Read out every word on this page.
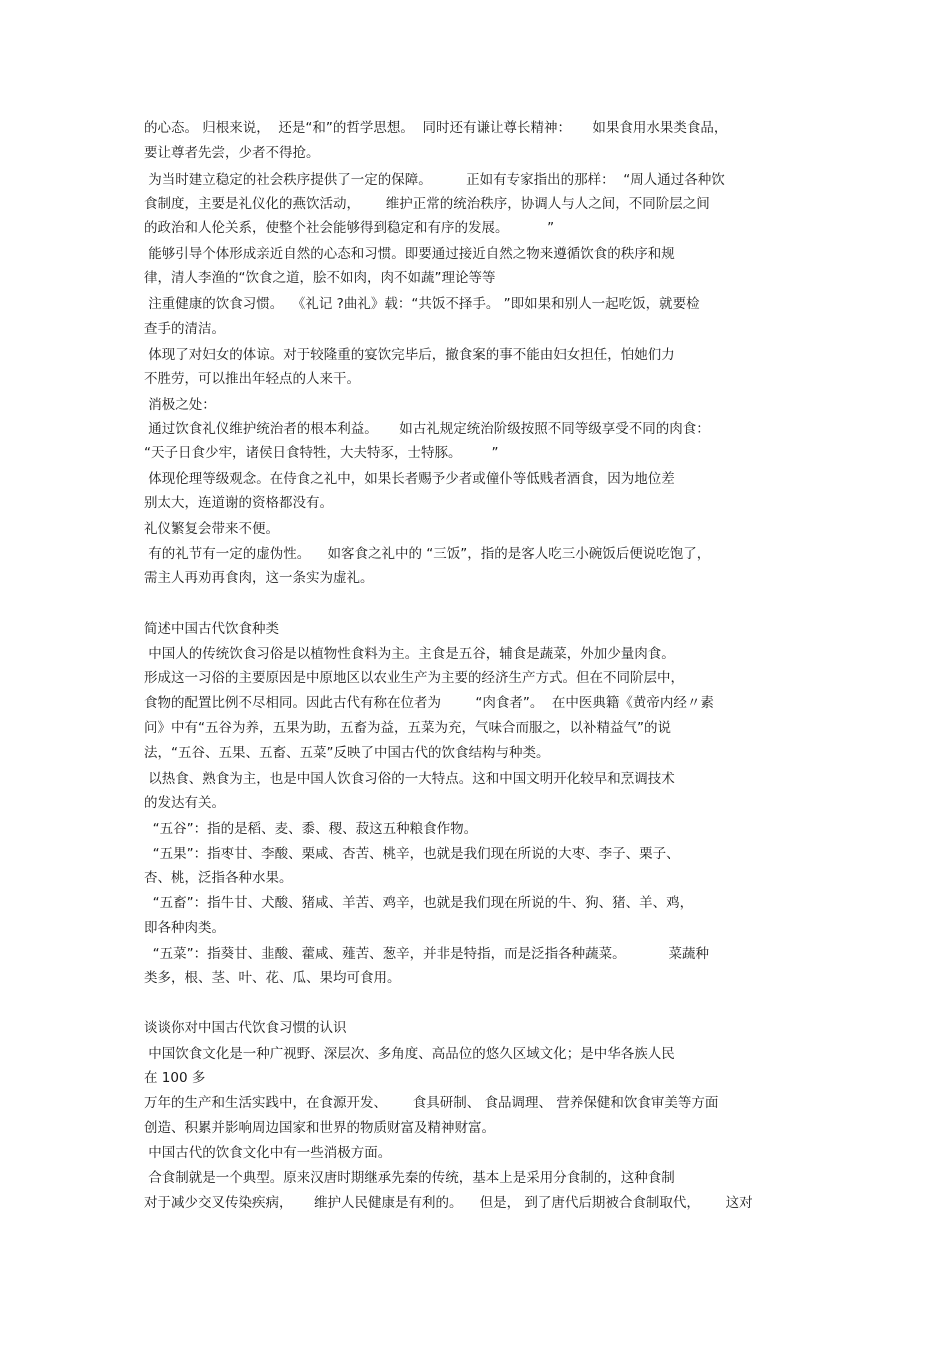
的心态。 归根来说，  还是“和”的哲学思想。  同时还有谦让尊长精神：     如果食用水果类食品，

要让尊者先尝，少者不得抢。

为当时建立稳定的社会秩序提供了一定的保障。        正如有专家指出的那样：  “周人通过各种饮

食制度，主要是礼仪化的燕饮活动，      维护正常的统治秩序，协调人与人之间，不同阶层之间

的政治和人伦关系，使整个社会能够得到稳定和有序的发展。         ”

能够引导个体形成亲近自然的心态和习惯。即要通过接近自然之物来遵循饮食的秩序和规

律，清人李渔的“饮食之道，脍不如肉，肉不如蔬”理论等等

注重健康的饮食习惯。  《礼记 ?曲礼》载：“共饭不择手。 ”即如果和别人一起吃饭，就要检

查手的清洁。

体现了对妇女的体谅。对于较隆重的宴饮完毕后，撤食案的事不能由妇女担任，怕她们力

不胜劳，可以推出年轻点的人来干。

消极之处：

通过饮食礼仪维护统治者的根本利益。     如古礼规定统治阶级按照不同等级享受不同的肉食：

“天子日食少牢，诸侯日食特牲，大夫特豕，士特豚。       ”

体现伦理等级观念。在侍食之礼中，如果长者赐予少者或僮仆等低贱者酒食，因为地位差

别太大，连道谢的资格都没有。

礼仪繁复会带来不便。

有的礼节有一定的虚伪性。    如客食之礼中的 “三饭”，指的是客人吃三小碗饭后便说吃饱了，

需主人再劝再食肉，这一条实为虚礼。

简述中国古代饮食种类

中国人的传统饮食习俗是以植物性食料为主。主食是五谷，辅食是蔬菜，外加少量肉食。

形成这一习俗的主要原因是中原地区以农业生产为主要的经济生产方式。但在不同阶层中，

食物的配置比例不尽相同。因此古代有称在位者为        “肉食者”。  在中医典籍《黄帝内经〃素

问》中有“五谷为养，五果为助，五畜为益，五菜为充，气味合而服之，以补精益气”的说

法，“五谷、五果、五畜、五菜”反映了中国古代的饮食结构与种类。

以热食、熟食为主，也是中国人饮食习俗的一大特点。这和中国文明开化较早和烹调技术

的发达有关。

“五谷”：指的是稻、麦、黍、稷、菽这五种粮食作物。

“五果”：指枣甘、李酸、栗咸、杏苦、桃辛，也就是我们现在所说的大枣、李子、栗子、

杏、桃，泛指各种水果。

“五畜”：指牛甘、犬酸、猪咸、羊苦、鸡辛，也就是我们现在所说的牛、狗、猪、羊、鸡，

即各种肉类。

“五菜”：指葵甘、韭酸、藿咸、薤苦、葱辛，并非是特指，而是泛指各种蔬菜。          菜蔬种

类多，根、茎、叶、花、瓜、果均可食用。

谈谈你对中国古代饮食习惯的认识

中国饮食文化是一种广视野、深层次、多角度、高品位的悠久区域文化；是中华各族人民

在 100 多

万年的生产和生活实践中，在食源开发、      食具研制、 食品调理、 营养保健和饮食审美等方面

创造、积累并影响周边国家和世界的物质财富及精神财富。

中国古代的饮食文化中有一些消极方面。

合食制就是一个典型。原来汉唐时期继承先秦的传统，基本上是采用分食制的，这种食制

对于减少交叉传染疾病，     维护人民健康是有利的。    但是， 到了唐代后期被合食制取代，      这对
